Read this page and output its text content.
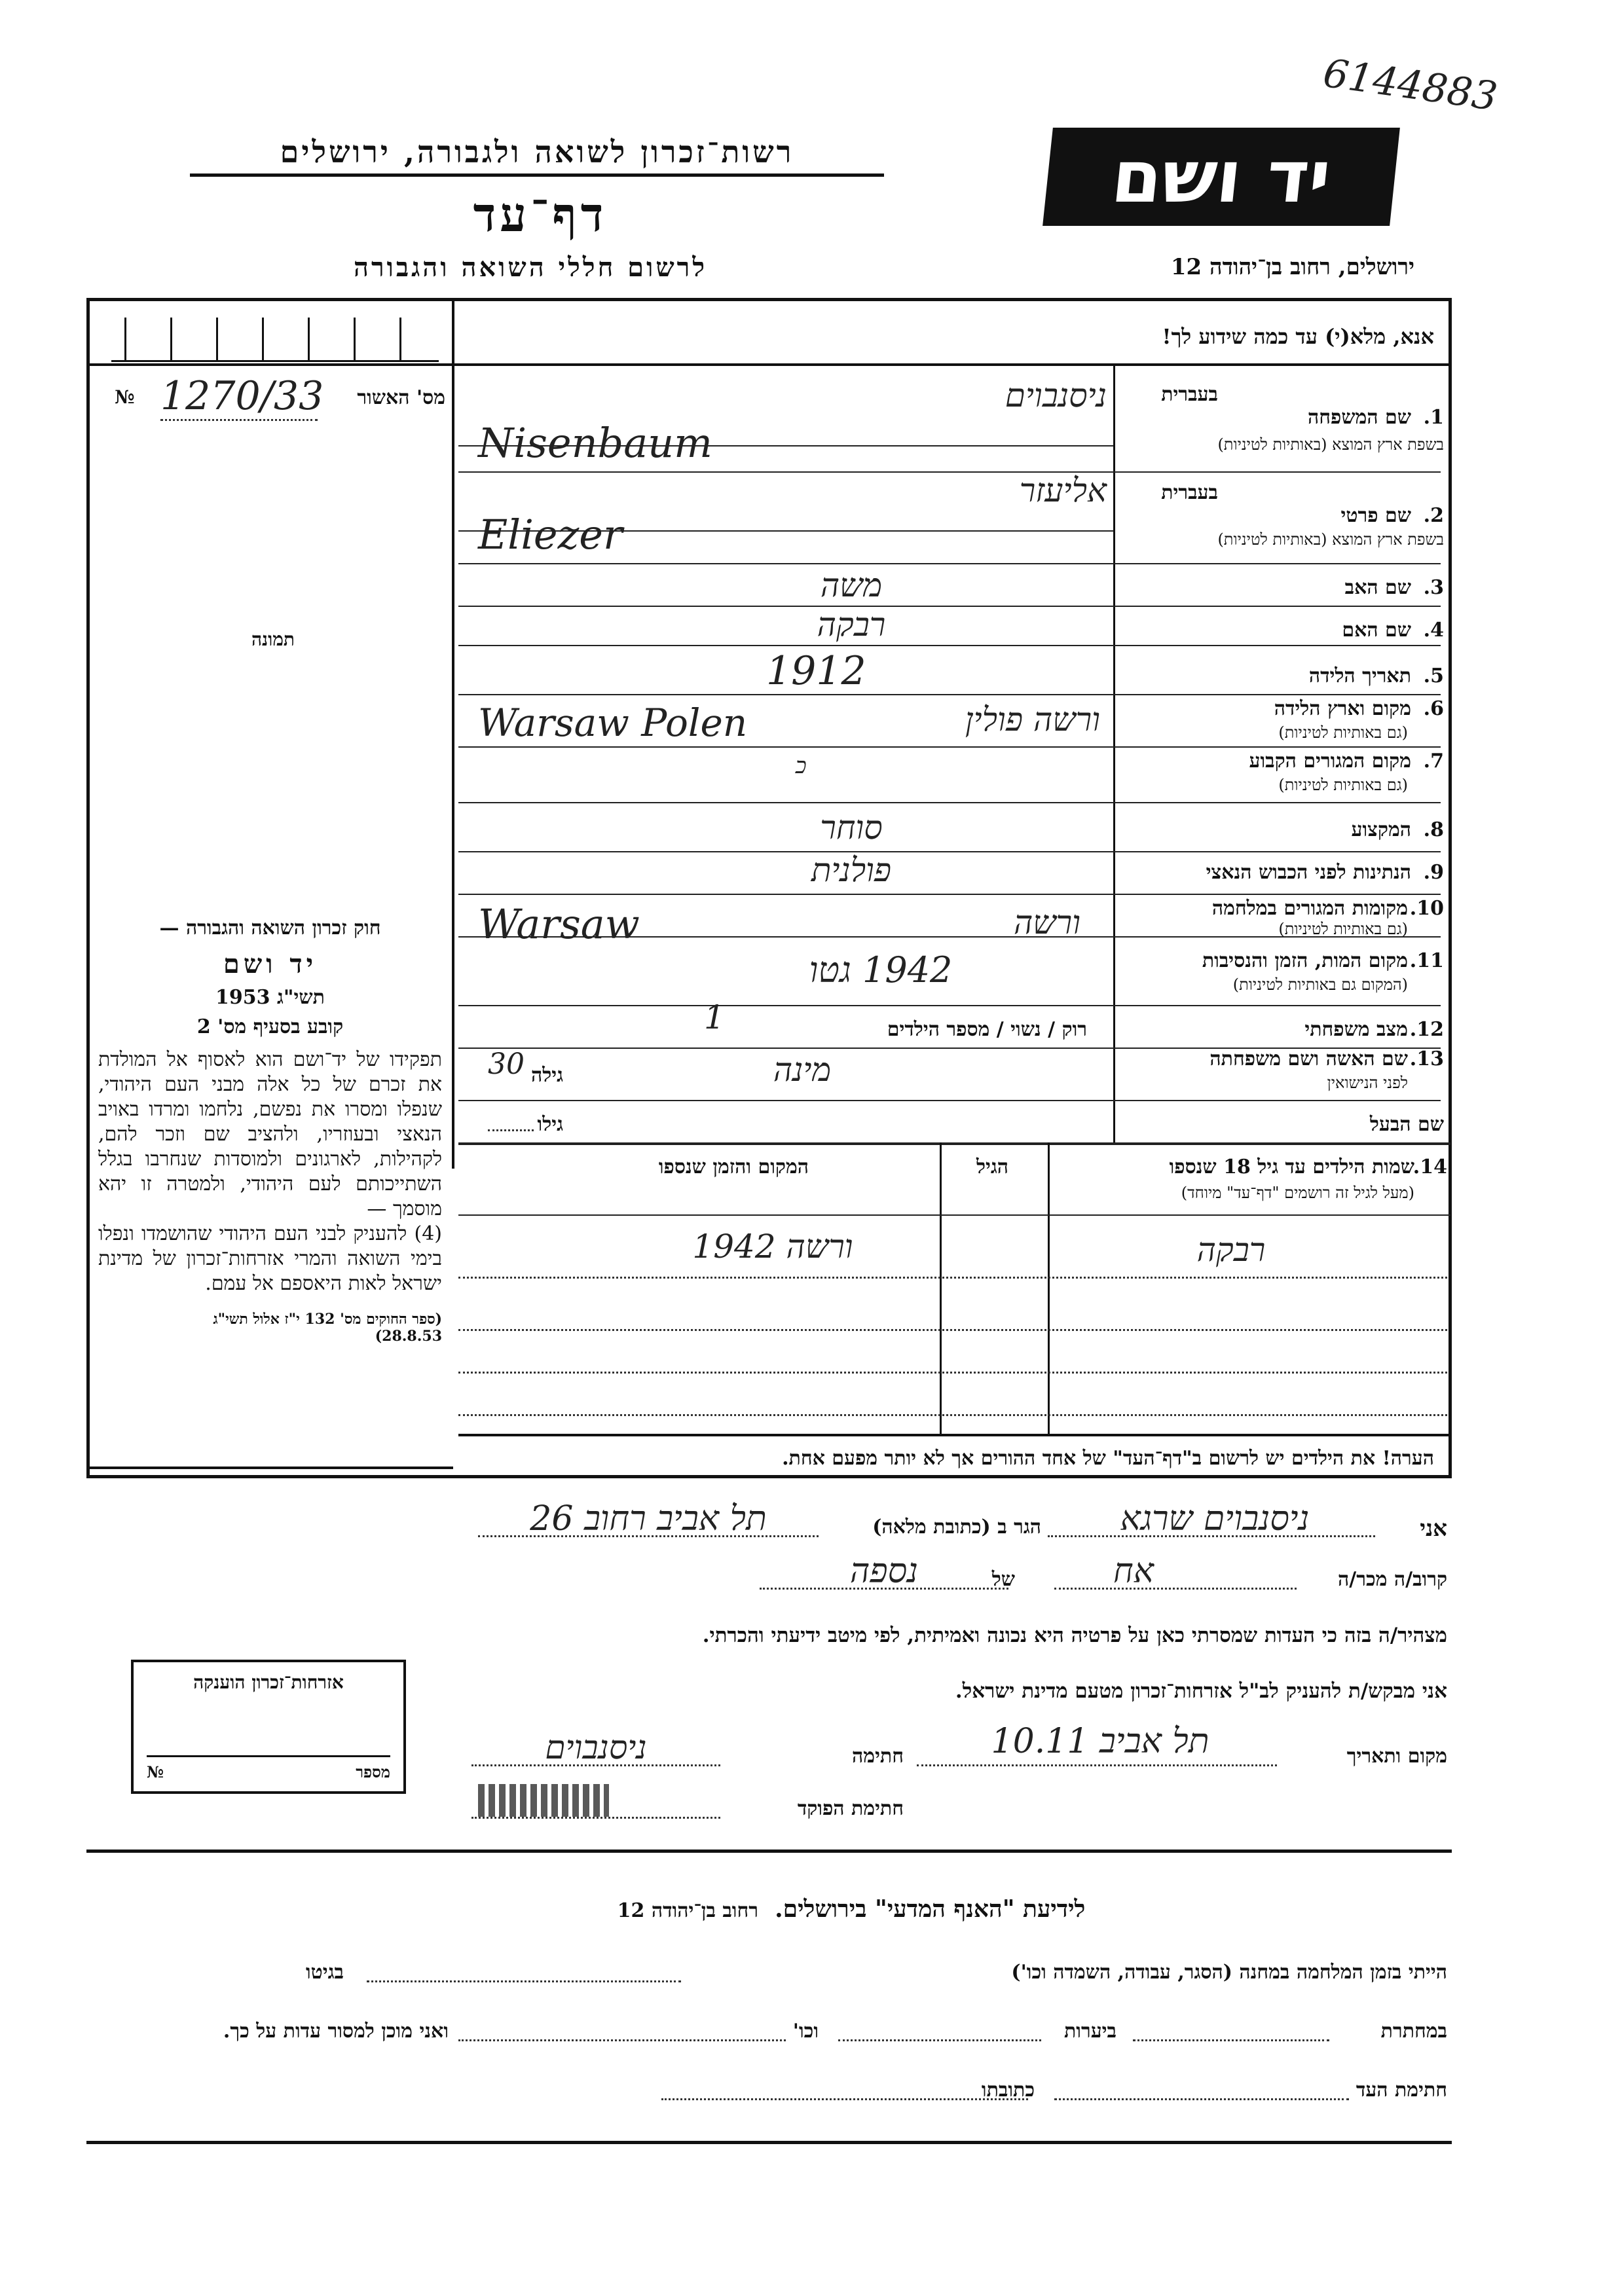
6144883
יד ושם
רשות־זכרון לשואה ולגבורה, ירושלים
דף־עד
לרשום חללי השואה והגבורה	ירושלים, רחוב בן־יהודה 12
אנא, מלא(י) עד כמה שידוע לך!
№ 1270/33 מס' האשור
תמונה
1.
שם המשפחה
בשפת ארץ המוצא (באותיות לטיניות)
בעברית
ניסנבוים
Nisenbaum
2.
שם פרטי
בשפת ארץ המוצא (באותיות לטיניות)
בעברית
אליעזר
Eliezer
3.
שם האב
משה
4.
שם האם
רבקה
5.
תאריך הלידה
1912
6.
מקום וארץ הלידה
(גם באותיות לטיניות)
ורשה פולין
Warsaw Polen
7.
מקום המגורים הקבוע
(גם באותיות לטיניות)
כ
8.
המקצוע
סוחר
9.
הנתינות לפני הכבוש הנאצי
פולנית
10.
מקומות המגורים במלחמה
(גם באותיות לטיניות)
ורשה
Warsaw
11.
מקום המות, הזמן והנסיבות
(המקום גם באותיות לטיניות)
1942 גטו
12.
מצב משפחתי
רוק / נשוי / מספר הילדים
1
13.
שם האשה ושם משפחתה
לפני הנישואין
גילה
30	מינה
שם הבעל
גילו
14.
שמות הילדים עד גיל 18 שנספו
(מעל לגיל זה רושמים "דף־עד" מיוחד)
הגיל
המקום והזמן שנספו
רבקה
ורשה 1942
חוק זכרון השואה והגבורה —
יד ושם
תשי"ג 1953
קובע בסעיף מס' 2
תפקידו של יד־ושם הוא לאסוף אל המולדת את זכרם של כל אלה מבני העם היהודי, שנפלו ומסרו את נפשם, נלחמו ומרדו באויב הנאצי ובעוזריו, ולהציב שם וזכר להם, לקהילות, לארגונים ולמוסדות שנחרבו בגלל השתייכותם לעם היהודי, ולמטרה זו יהא מוסמך —
(4) להעניק לבני העם היהודי שהושמדו ונפלו בימי השואה והמרי אזרחות־זכרון של מדינת ישראל לאות היאספם אל עמם.
(ספר החוקים מס' 132 י"ז אלול תשי"ג 28.8.53)
הערה! את הילדים יש לרשום ב"דף־העד" של אחד ההורים אך לא יותר מפעם אחת.
אני
ניסנבוים שרגא
הגר ב (כתובת מלאה)
תל אביב רחוב 26
קרוב/ה מכר/ה
אח
של
נספה
מצהיר/ה בזה כי העדות שמסרתי כאן על פרטיה היא נכונה ואמיתית, לפי מיטב ידיעתי והכרתי.
אני מבקש/ת להעניק לב"ל אזרחות־זכרון מטעם מדינת ישראל.
מקום ותאריך
תל אביב 10.11
חתימה
ניסנבוים
חתימת הפוקד
אזרחות־זכרון הוענקה
№	מספר
לידיעת "האנף המדעי" בירושלים. רחוב בן־יהודה 12
הייתי בזמן המלחמה במחנה (הסגר, עבודה, השמדה וכו')
בגיטו
במחתרת
ביערות
וכו'
ואני מוכן למסור עדות על כך.
חתימת העד
כתובתו
